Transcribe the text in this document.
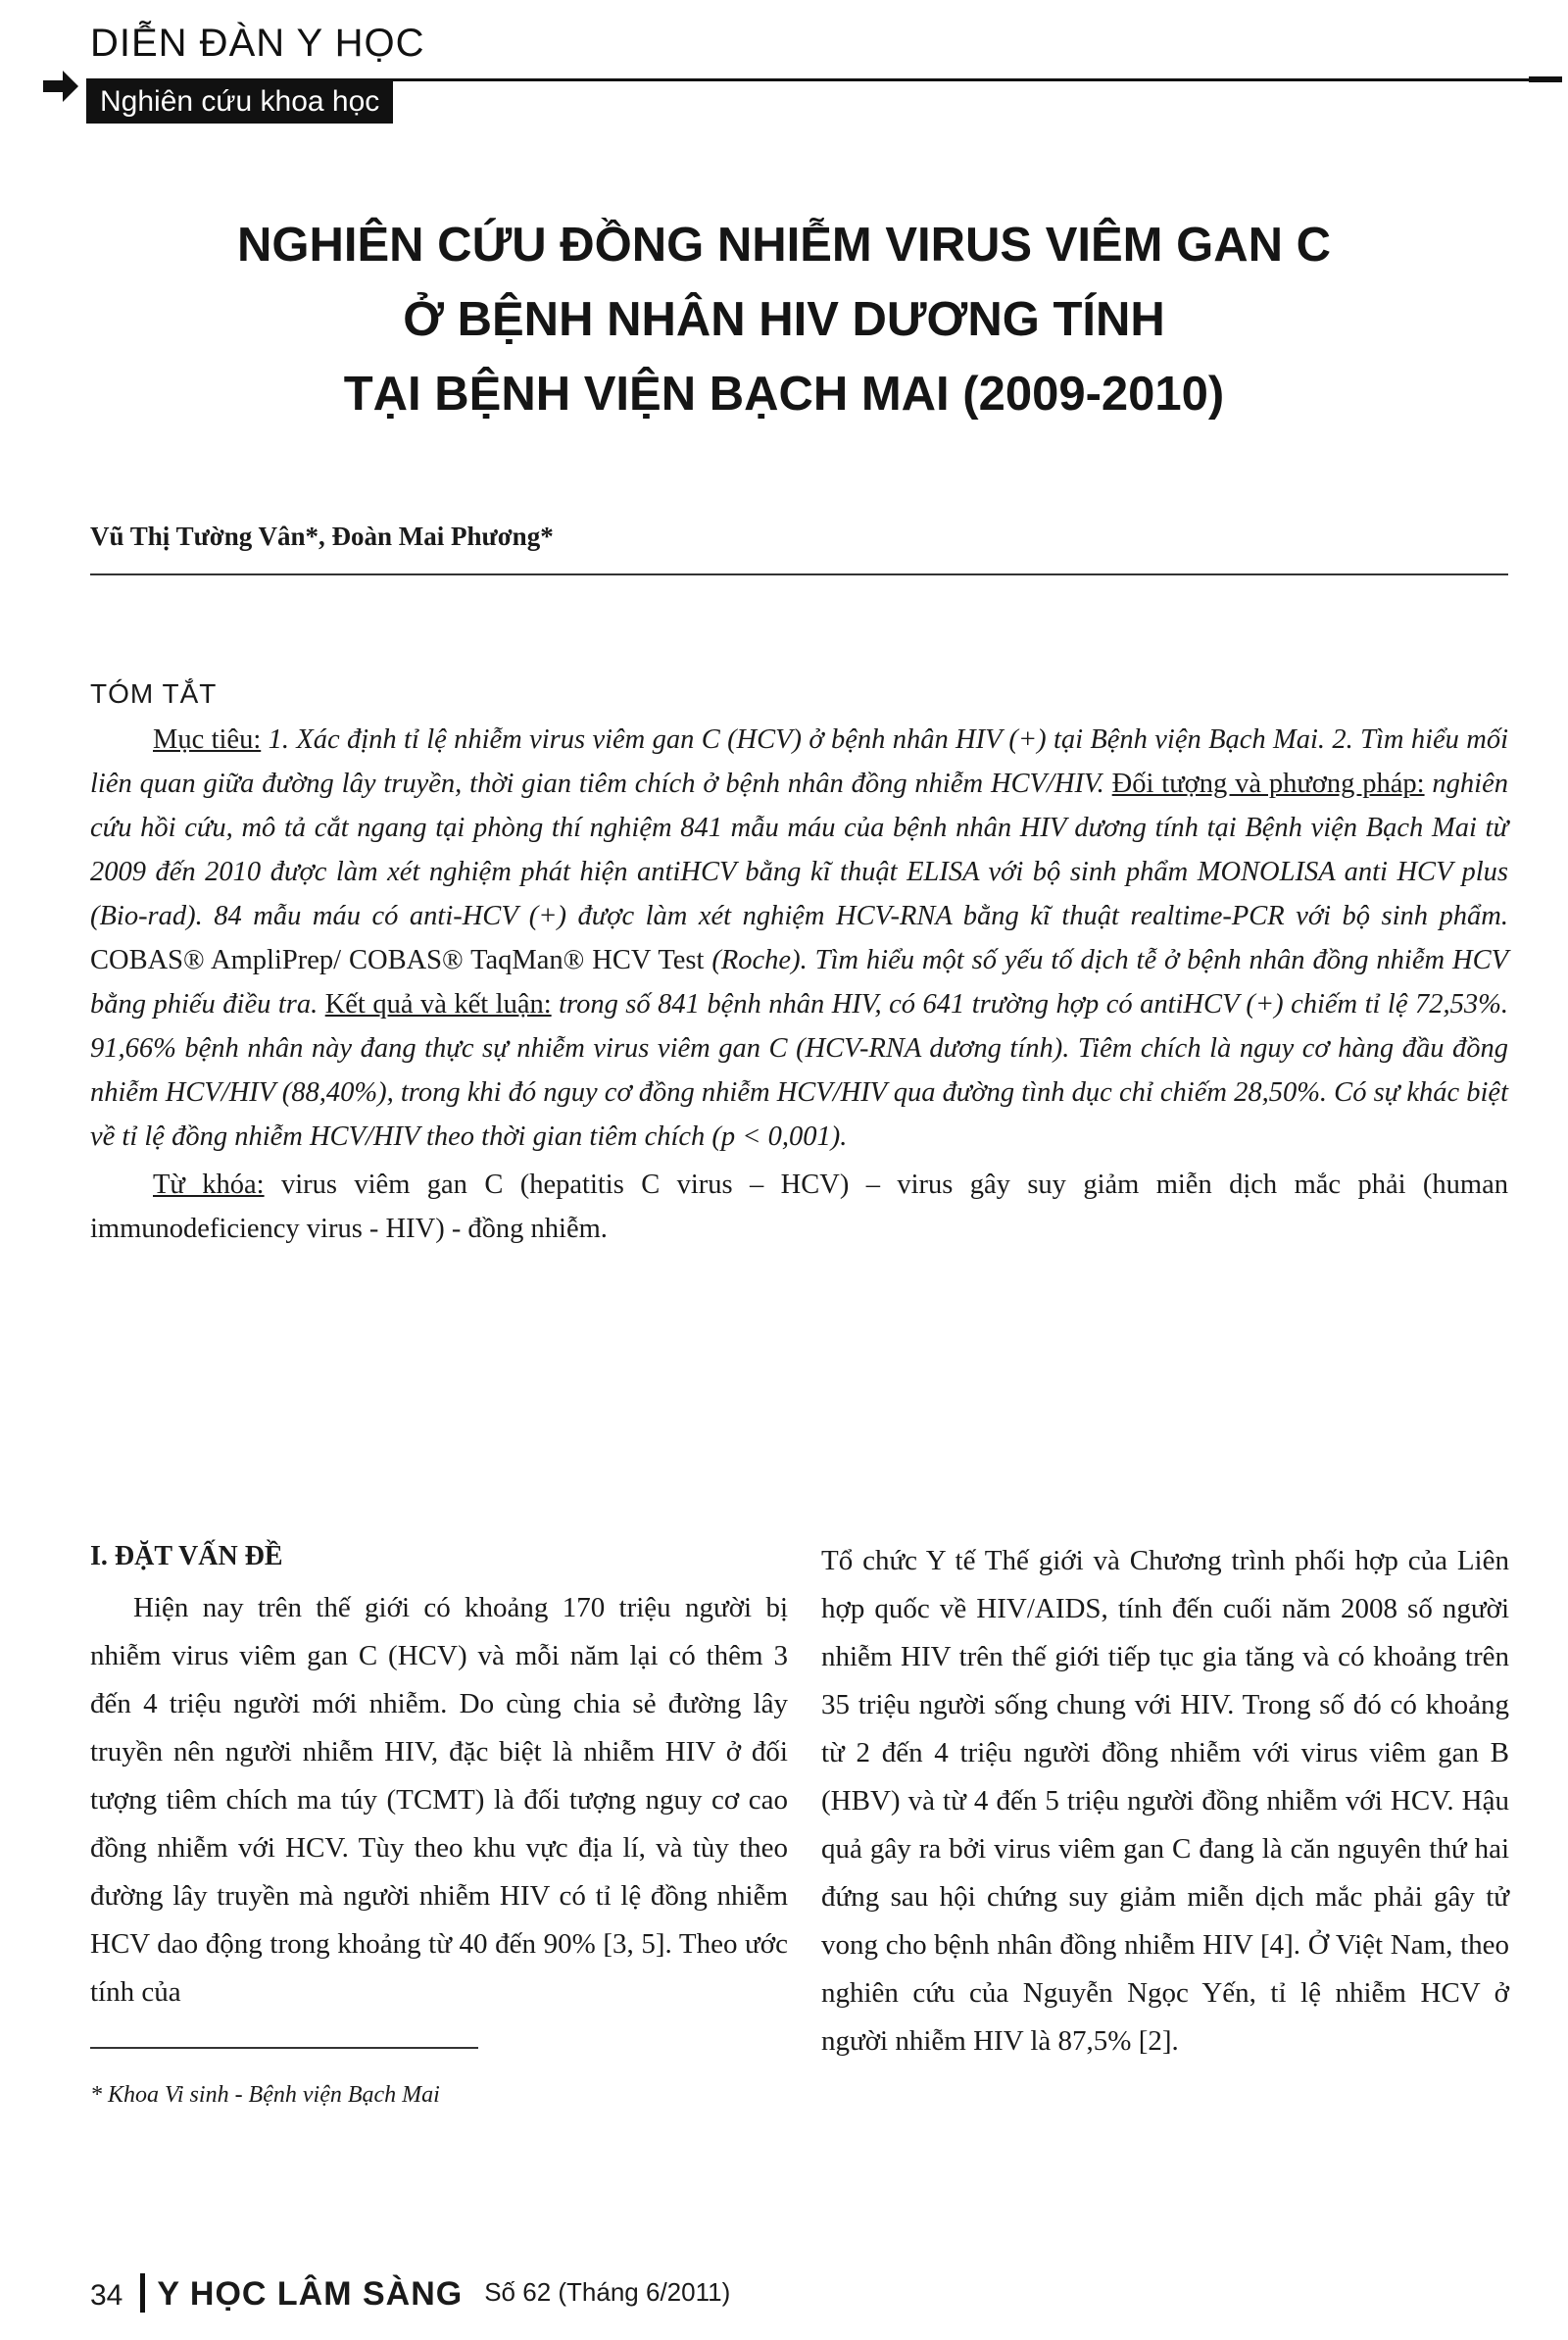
DIỄN ĐÀN Y HỌC
Nghiên cứu khoa học
NGHIÊN CỨU ĐỒNG NHIỄM VIRUS VIÊM GAN C
Ở BỆNH NHÂN HIV DƯƠNG TÍNH
TẠI BỆNH VIỆN BẠCH MAI (2009-2010)
Vũ Thị Tường Vân*, Đoàn Mai Phương*
TÓM TẮT

Mục tiêu: 1. Xác định tỉ lệ nhiễm virus viêm gan C (HCV) ở bệnh nhân HIV (+) tại Bệnh viện Bạch Mai. 2. Tìm hiểu mối liên quan giữa đường lây truyền, thời gian tiêm chích ở bệnh nhân đồng nhiễm HCV/HIV. Đối tượng và phương pháp: nghiên cứu hồi cứu, mô tả cắt ngang tại phòng thí nghiệm 841 mẫu máu của bệnh nhân HIV dương tính tại Bệnh viện Bạch Mai từ 2009 đến 2010 được làm xét nghiệm phát hiện antiHCV bằng kĩ thuật ELISA với bộ sinh phẩm MONOLISA anti HCV plus (Bio-rad). 84 mẫu máu có anti-HCV (+) được làm xét nghiệm HCV-RNA bằng kĩ thuật realtime-PCR với bộ sinh phẩm. COBAS® AmpliPrep/ COBAS® TaqMan® HCV Test (Roche). Tìm hiểu một số yếu tố dịch tễ ở bệnh nhân đồng nhiễm HCV bằng phiếu điều tra. Kết quả và kết luận: trong số 841 bệnh nhân HIV, có 641 trường hợp có antiHCV (+) chiếm tỉ lệ 72,53%. 91,66% bệnh nhân này đang thực sự nhiễm virus viêm gan C (HCV-RNA dương tính). Tiêm chích là nguy cơ hàng đầu đồng nhiễm HCV/HIV (88,40%), trong khi đó nguy cơ đồng nhiễm HCV/HIV qua đường tình dục chỉ chiếm 28,50%. Có sự khác biệt về tỉ lệ đồng nhiễm HCV/HIV theo thời gian tiêm chích (p < 0,001).

Từ khóa: virus viêm gan C (hepatitis C virus – HCV) – virus gây suy giảm miễn dịch mắc phải (human immunodeficiency virus - HIV) - đồng nhiễm.

I. ĐẶT VẤN ĐỀ

Hiện nay trên thế giới có khoảng 170 triệu người bị nhiễm virus viêm gan C (HCV) và mỗi năm lại có thêm 3 đến 4 triệu người mới nhiễm. Do cùng chia sẻ đường lây truyền nên người nhiễm HIV, đặc biệt là nhiễm HIV ở đối tượng tiêm chích ma túy (TCMT) là đối tượng nguy cơ cao đồng nhiễm với HCV. Tùy theo khu vực địa lí, và tùy theo đường lây truyền mà người nhiễm HIV có tỉ lệ đồng nhiễm HCV dao động trong khoảng từ 40 đến 90% [3, 5]. Theo ước tính của

Tổ chức Y tế Thế giới và Chương trình phối hợp của Liên hợp quốc về HIV/AIDS, tính đến cuối năm 2008 số người nhiễm HIV trên thế giới tiếp tục gia tăng và có khoảng trên 35 triệu người sống chung với HIV. Trong số đó có khoảng từ 2 đến 4 triệu người đồng nhiễm với virus viêm gan B (HBV) và từ 4 đến 5 triệu người đồng nhiễm với HCV. Hậu quả gây ra bởi virus viêm gan C đang là căn nguyên thứ hai đứng sau hội chứng suy giảm miễn dịch mắc phải gây tử vong cho bệnh nhân đồng nhiễm HIV [4]. Ở Việt Nam, theo nghiên cứu của Nguyễn Ngọc Yến, tỉ lệ nhiễm HCV ở người nhiễm HIV là 87,5% [2].

* Khoa Vi sinh - Bệnh viện Bạch Mai
34 Y HỌC LÂM SÀNG Số 62 (Tháng 6/2011)
